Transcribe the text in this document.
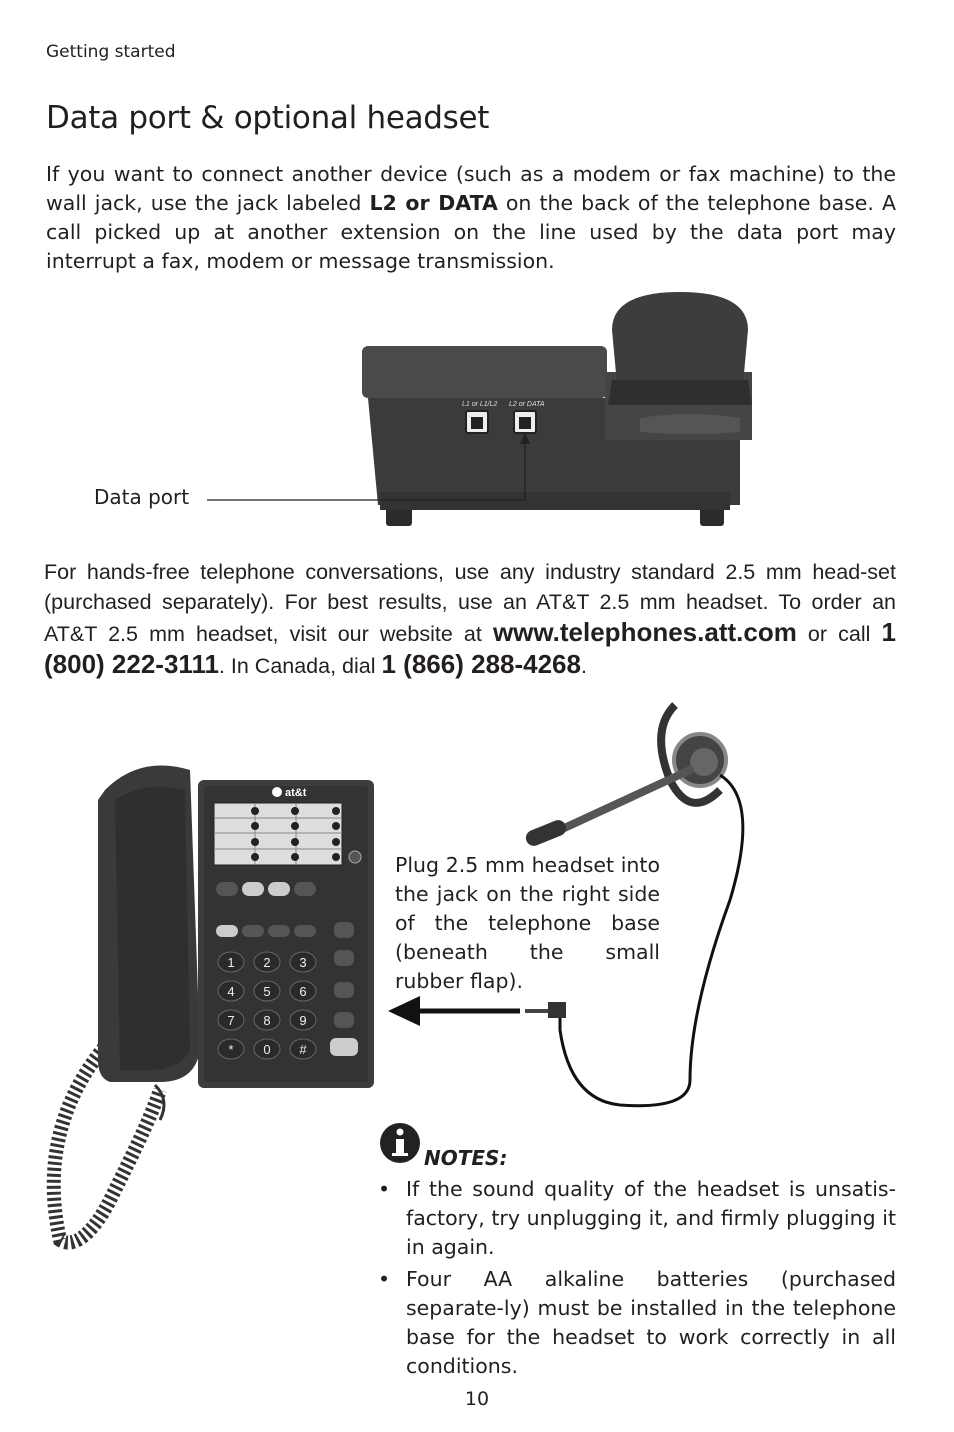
Getting started
Data port & optional headset

If you want to connect another device (such as a modem or fax machine) to the wall jack, use the jack labeled L2 or DATA on the back of the telephone base. A call picked up at another extension on the line used by the data port may interrupt a fax, modem or message transmission.

L1 or L1/L2 L2 or DATA
at&t
1 2 3
4 5 6
7 8 9
* 0 #
Data port

For hands-free telephone conversations, use any industry standard 2.5 mm head-set (purchased separately). For best results, use an AT&T 2.5 mm headset. To order an AT&T 2.5 mm headset, visit our website at www.telephones.att.com or call 1 (800) 222-3111. In Canada, dial 1 (866) 288-4268.

Plug 2.5 mm headset into the jack on the right side of the telephone base (beneath the small rubber flap).
NOTES:
• If the sound quality of the headset is unsatis-factory, try unplugging it, and firmly plugging it in again.
• Four AA alkaline batteries (purchased separate-ly) must be installed in the telephone base for the headset to work correctly in all conditions.
10
